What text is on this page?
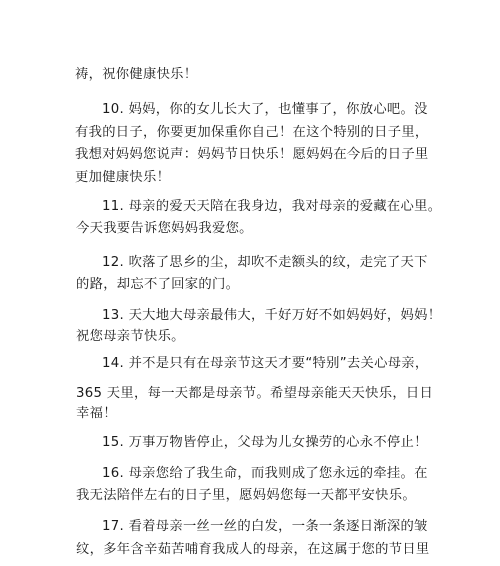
祷，祝你健康快乐！
10. 妈妈，你的女儿长大了，也懂事了，你放心吧。没
有我的日子，你要更加保重你自己！在这个特别的日子里，
我想对妈妈您说声：妈妈节日快乐！愿妈妈在今后的日子里
更加健康快乐！
11. 母亲的爱天天陪在我身边，我对母亲的爱藏在心里。
今天我要告诉您妈妈我爱您。
12. 吹落了思乡的尘，却吹不走额头的纹，走完了天下
的路，却忘不了回家的门。
13. 天大地大母亲最伟大，千好万好不如妈妈好，妈妈！
祝您母亲节快乐。
14. 并不是只有在母亲节这天才要“特别”去关心母亲，
365 天里，每一天都是母亲节。希望母亲能天天快乐，日日
幸福！
15. 万事万物皆停止，父母为儿女操劳的心永不停止！
16. 母亲您给了我生命，而我则成了您永远的牵挂。在
我无法陪伴左右的日子里，愿妈妈您每一天都平安快乐。
17. 看着母亲一丝一丝的白发，一条一条逐日渐深的皱
纹，多年含辛茹苦哺育我成人的母亲，在这属于您的节日里
